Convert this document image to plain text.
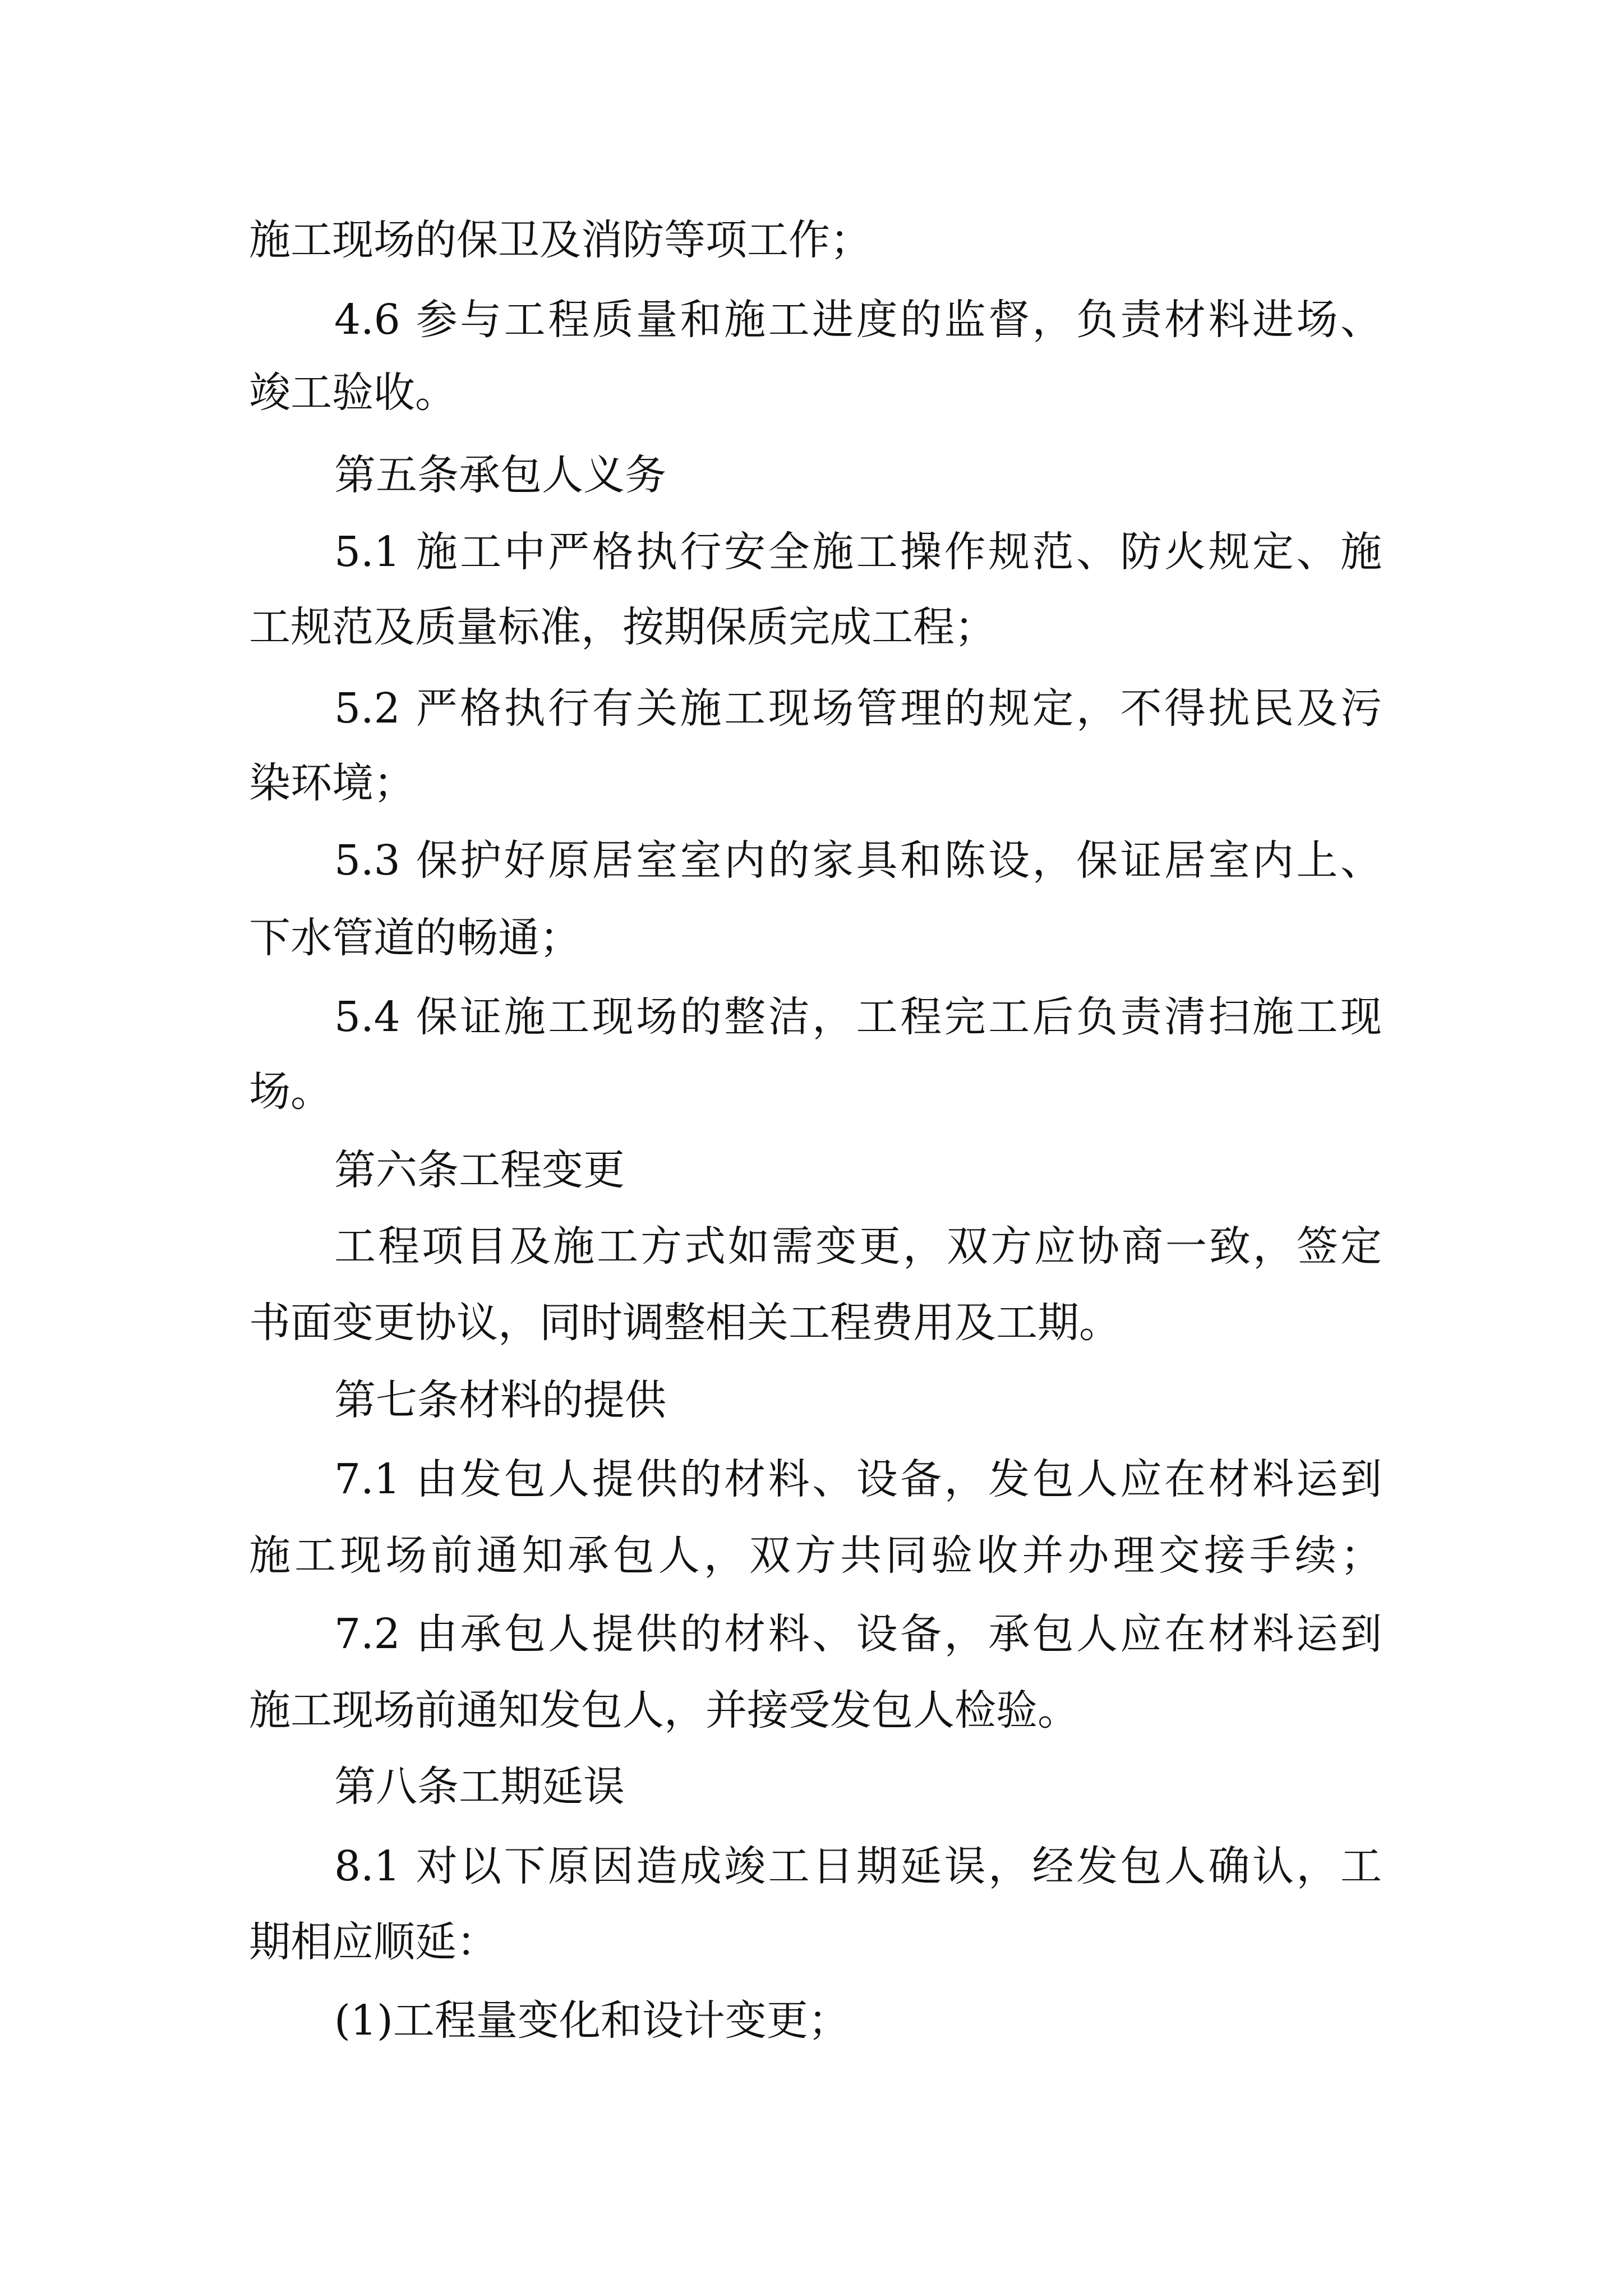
施工现场的保卫及消防等项工作；
4.6 参与工程质量和施工进度的监督，负责材料进场、
竣工验收。
第五条承包人义务
5.1 施工中严格执行安全施工操作规范、防火规定、施
工规范及质量标准，按期保质完成工程；
5.2 严格执行有关施工现场管理的规定，不得扰民及污
染环境；
5.3 保护好原居室室内的家具和陈设，保证居室内上、
下水管道的畅通；
5.4 保证施工现场的整洁，工程完工后负责清扫施工现
场。
第六条工程变更
工程项目及施工方式如需变更，双方应协商一致，签定
书面变更协议，同时调整相关工程费用及工期。
第七条材料的提供
7.1 由发包人提供的材料、设备，发包人应在材料运到
施工现场前通知承包人，双方共同验收并办理交接手续；
7.2 由承包人提供的材料、设备，承包人应在材料运到
施工现场前通知发包人，并接受发包人检验。
第八条工期延误
8.1 对以下原因造成竣工日期延误，经发包人确认，工
期相应顺延：
(1)工程量变化和设计变更；
